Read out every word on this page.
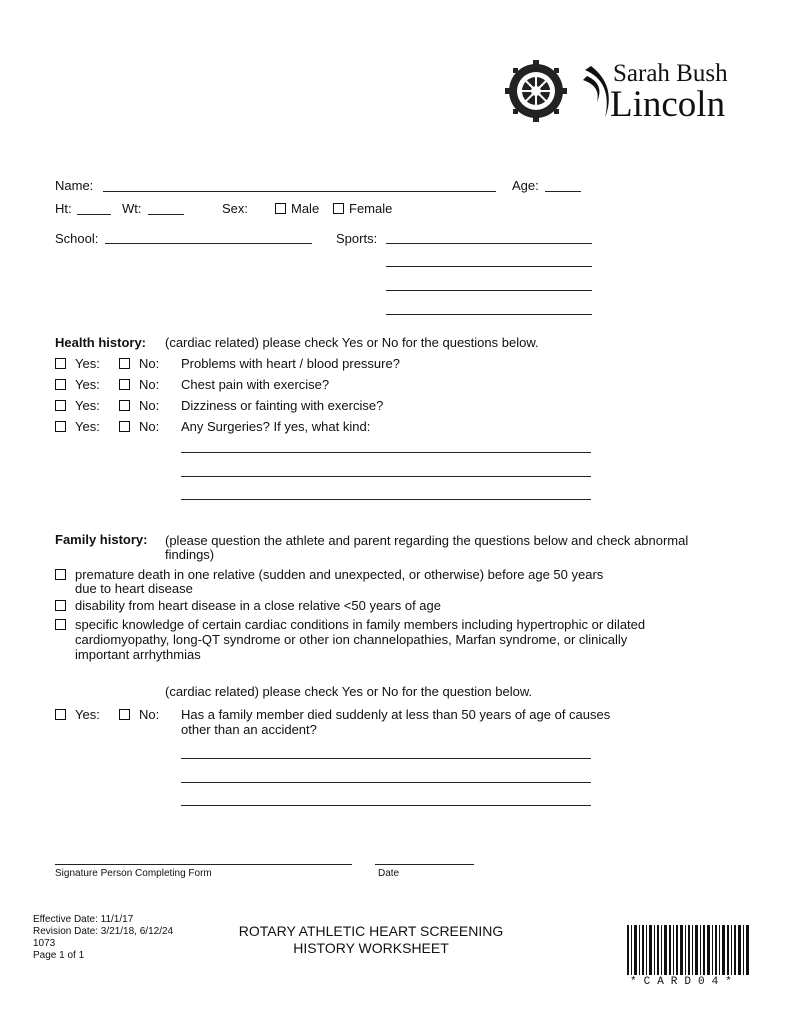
Sarah Bush
Lincoln
Name:	Age:
Ht:	Wt:	Sex:	Male Female
School:	Sports:
Health history: (cardiac related) please check Yes or No for the questions below.
Yes:	No: Problems with heart / blood pressure?
Yes:	No: Chest pain with exercise?
Yes:	No: Dizziness or fainting with exercise?
Yes:	No: Any Surgeries? If yes, what kind:
Family history: (please question the athlete and parent regarding the questions below and check abnormal
findings)
premature death in one relative (sudden and unexpected, or otherwise) before age 50 years
due to heart disease
disability from heart disease in a close relative <50 years of age
specific knowledge of certain cardiac conditions in family members including hypertrophic or dilated
cardiomyopathy, long-QT syndrome or other ion channelopathies, Marfan syndrome, or clinically
important arrhythmias
(cardiac related) please check Yes or No for the question below.
Yes:	No: Has a family member died suddenly at less than 50 years of age of causes
other than an accident?
Signature Person Completing Form	Date
Effective Date: 11/1/17
Revision Date: 3/21/18, 6/12/24
1073
Page 1 of 1
ROTARY ATHLETIC HEART SCREENING
HISTORY WORKSHEET
*CARD04*
